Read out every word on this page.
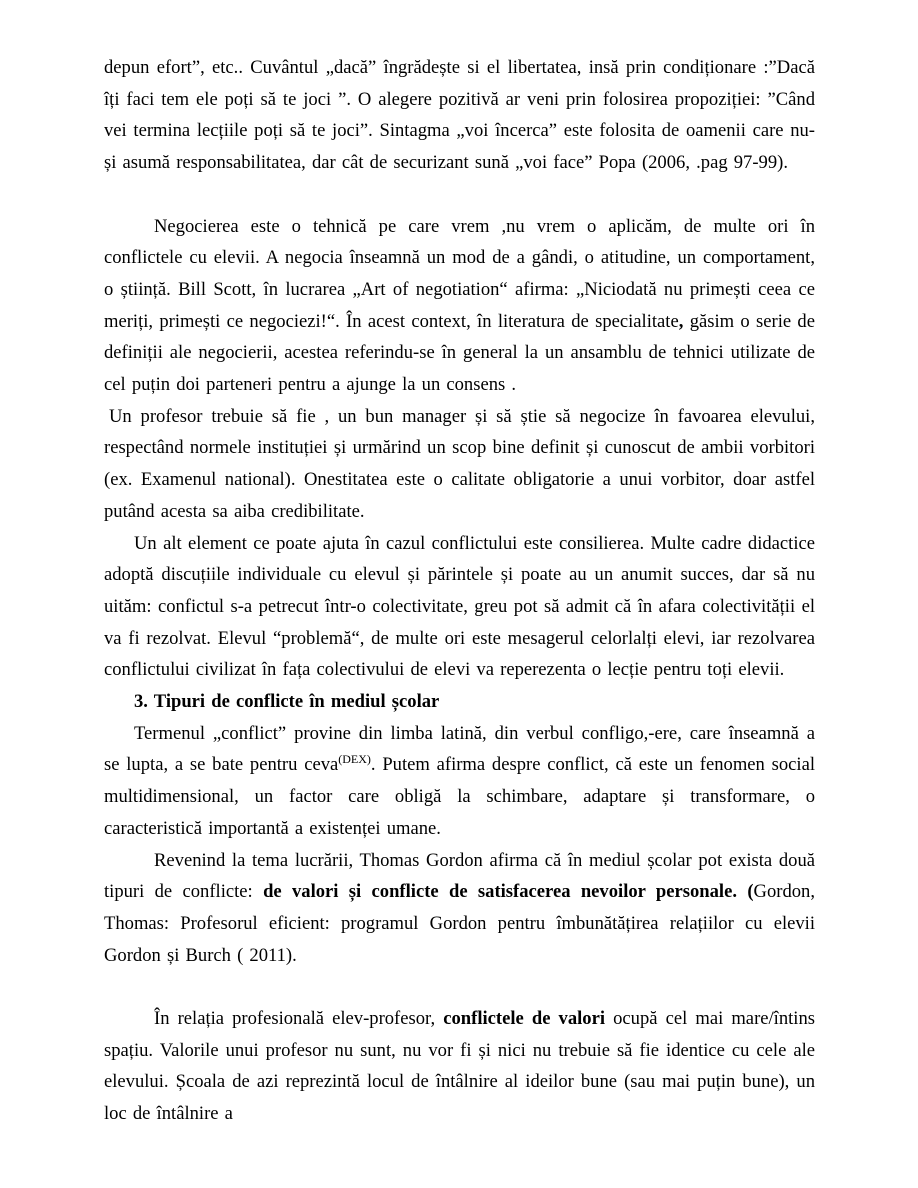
depun efort”, etc.. Cuvântul „dacă” îngrădește si el libertatea, insă prin condiționare :”Dacă îți faci tem ele poți să te joci ”. O alegere pozitivă ar veni prin folosirea propoziției: ”Când vei termina lecțiile poți să te joci”. Sintagma „voi încerca” este folosita de oamenii care nu-și asumă responsabilitatea, dar cât de securizant sună „voi face” Popa (2006, .pag 97-99).

Negocierea este o tehnică pe care vrem ,nu vrem o aplicăm, de multe ori în conflictele cu elevii. A negocia înseamnă un mod de a gândi, o atitudine, un comportament, o știință. Bill Scott, în lucrarea „Art of negotiation“ afirma: „Niciodată nu primești ceea ce meriți, primești ce negociezi!“. În acest context, în literatura de specialitate, găsim o serie de definiții ale negocierii, acestea referindu-se în general la un ansamblu de tehnici utilizate de cel puțin doi parteneri pentru a ajunge la un consens .

Un profesor trebuie să fie , un bun manager și să știe să negocize în favoarea elevului, respectând normele instituției și urmărind un scop bine definit și cunoscut de ambii vorbitori (ex. Examenul national). Onestitatea este o calitate obligatorie a unui vorbitor, doar astfel putând acesta sa aiba credibilitate.

Un alt element ce poate ajuta în cazul conflictului este consilierea. Multe cadre didactice adoptă discuțiile individuale cu elevul și părintele și poate au un anumit succes, dar să nu uităm: confictul s-a petrecut într-o colectivitate, greu pot să admit că în afara colectivității el va fi rezolvat. Elevul “problemă“, de multe ori este mesagerul celorlalți elevi, iar rezolvarea conflictului civilizat în fața colectivului de elevi va reperezenta o lecție pentru toți elevii.

3. Tipuri de conflicte în mediul școlar

Termenul „conflict” provine din limba latină, din verbul confligo,-ere, care înseamnă a se lupta, a se bate pentru ceva$^{(DEX)}$. Putem afirma despre conflict, că este un fenomen social multidimensional, un factor care obligă la schimbare, adaptare și transformare, o caracteristică importantă a existenței umane.

Revenind la tema lucrării, Thomas Gordon afirma că în mediul școlar pot exista două tipuri de conflicte: de valori și conflicte de satisfacerea nevoilor personale. (Gordon, Thomas: Profesorul eficient: programul Gordon pentru îmbunătățirea relațiilor cu elevii Gordon și Burch ( 2011).

În relația profesională elev-profesor, conflictele de valori ocupă cel mai mare/întins spațiu. Valorile unui profesor nu sunt, nu vor fi și nici nu trebuie să fie identice cu cele ale elevului. Școala de azi reprezintă locul de întâlnire al ideilor bune (sau mai puțin bune), un loc de întâlnire a
